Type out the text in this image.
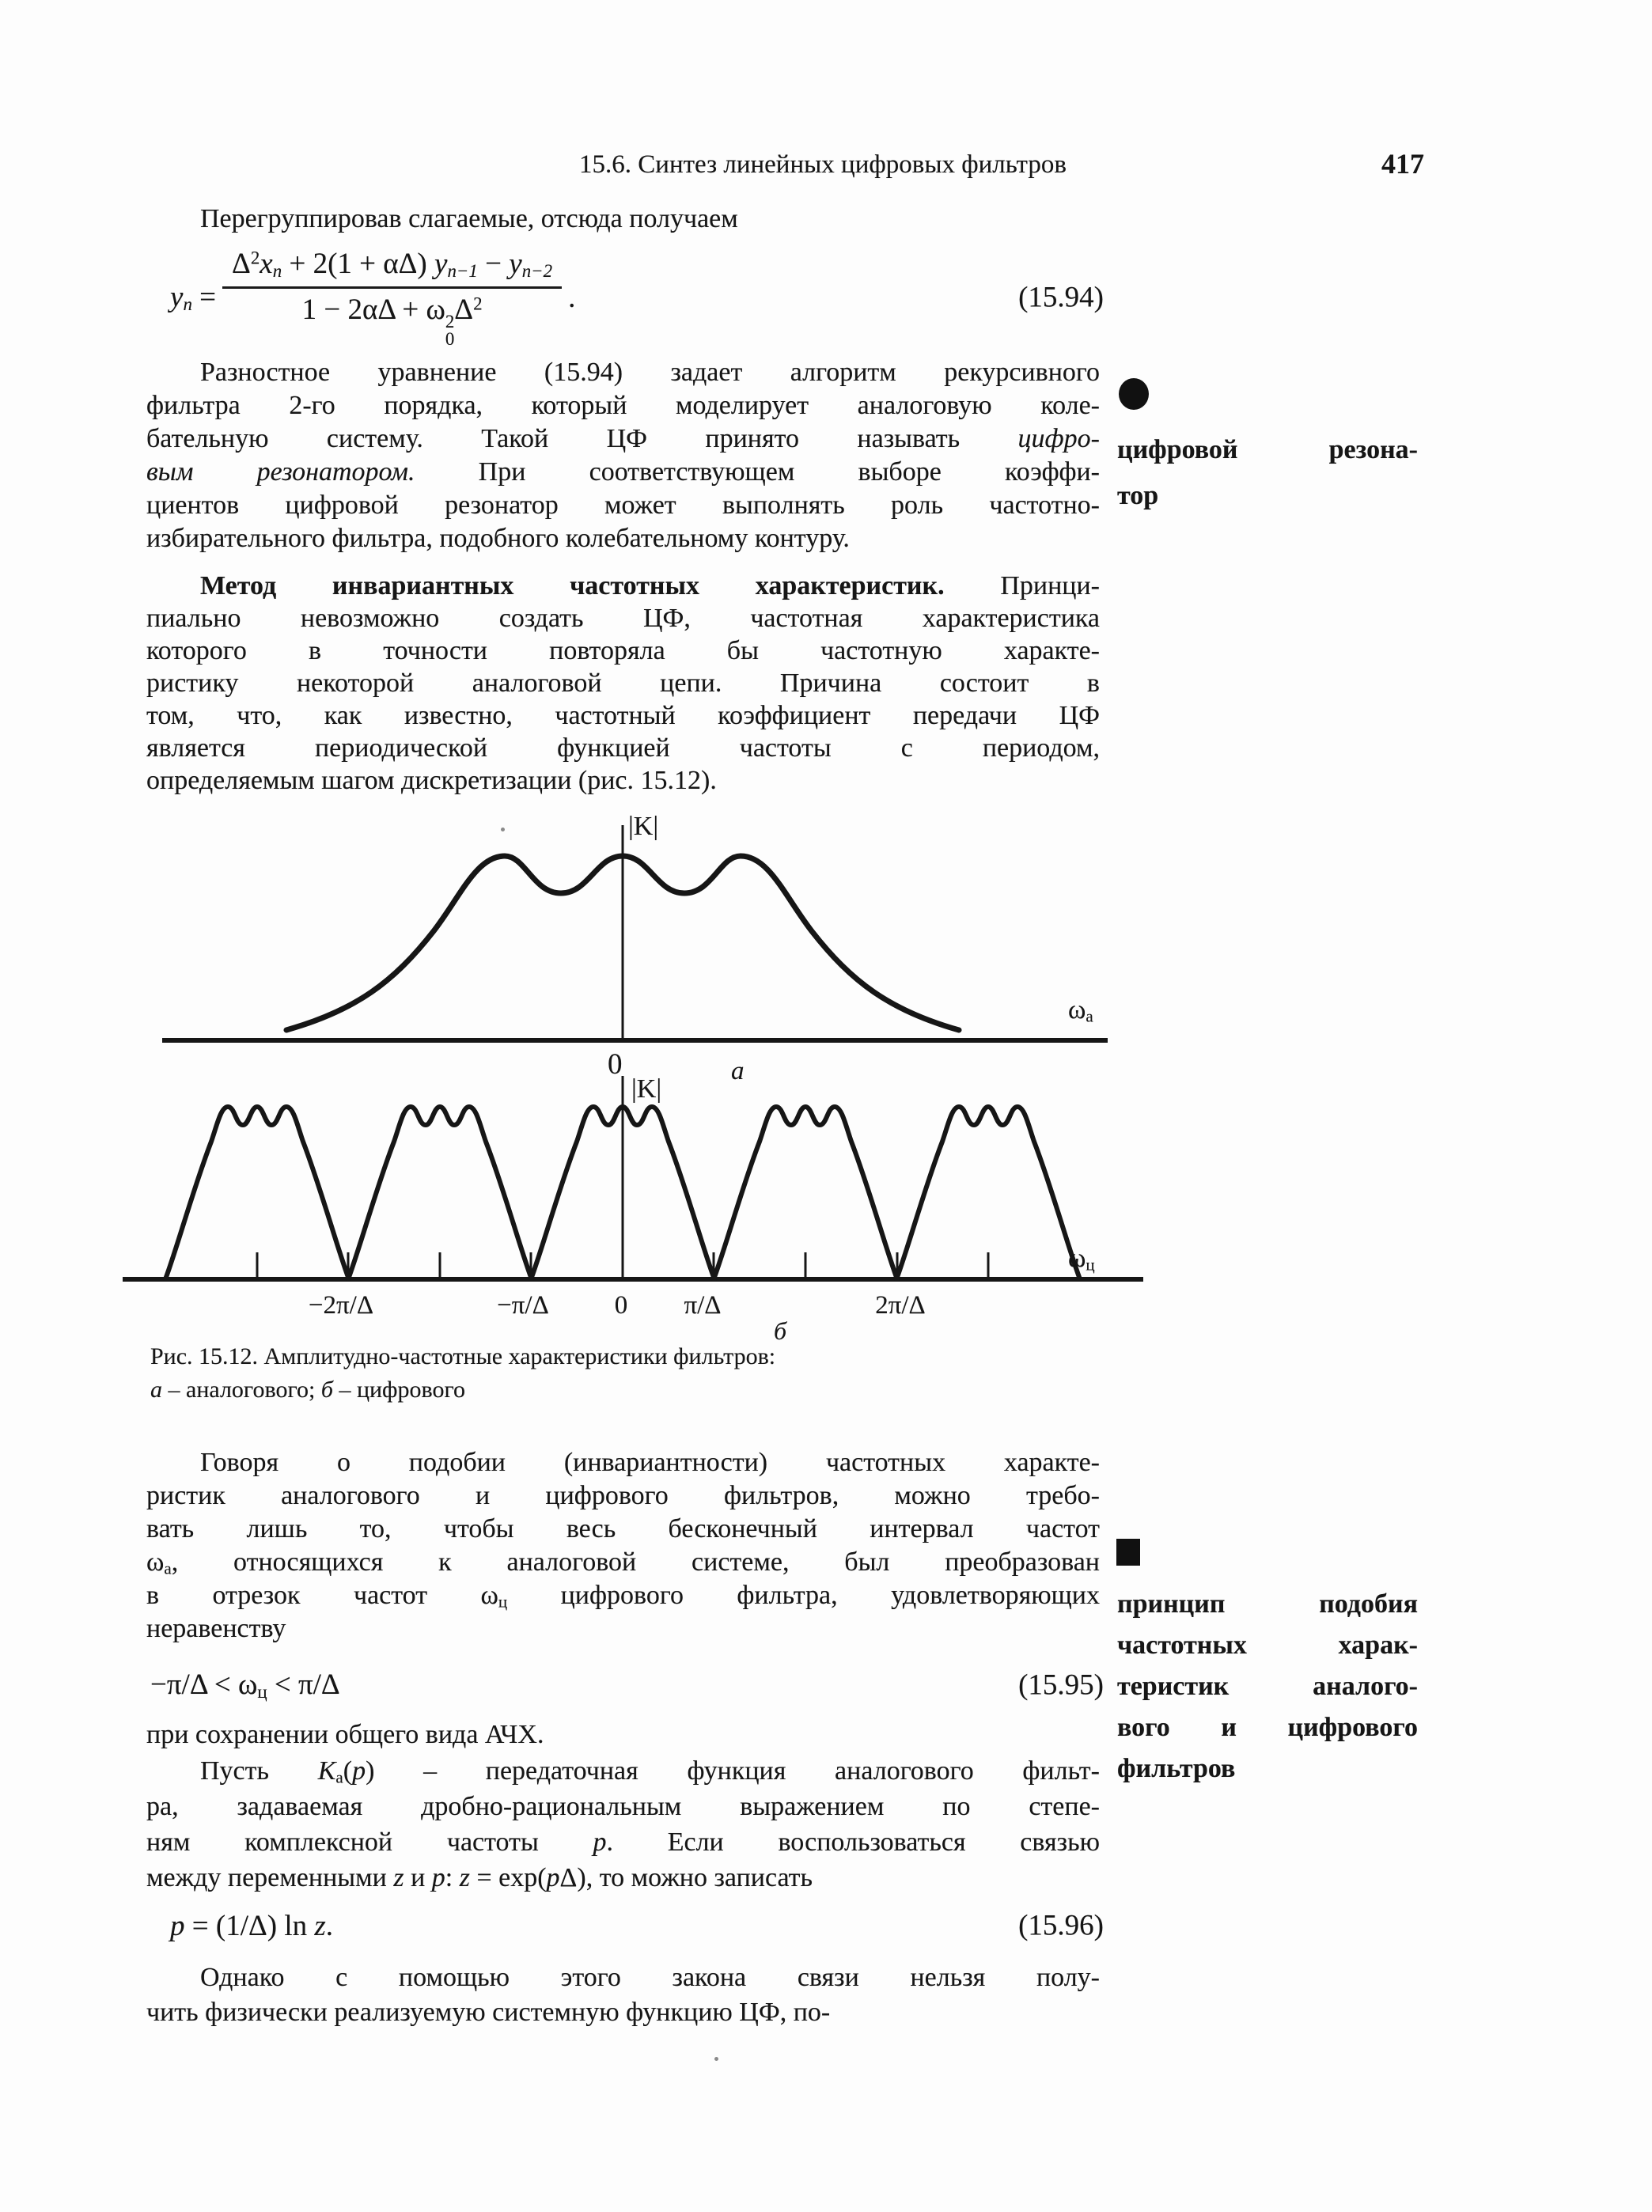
15.6. Синтез линейных цифровых фильтров	417
Перегруппировав слагаемые, отсюда получаем
yn = $\Delta^2xn + 2(1 + \alpha\Delta) yn-1 - yn-2$
1 − 2αΔ + ω 2
0
$\Delta^2$ .	(15.94)
Разностное уравнение (15.94) задает алгоритм рекурсивного
фильтра 2-го порядка, который моделирует аналоговую коле-
бательную систему. Такой ЦФ принято называть цифро-
вым резонатором. При соответствующем выборе коэффи-
циентов цифровой резонатор может выполнять роль частотно-
избирательного фильтра, подобного колебательному контуру.
Метод инвариантных частотных характеристик. Принци-
пиально невозможно создать ЦФ, частотная характеристика
которого в точности повторяла бы частотную характе-
ристику некоторой аналоговой цепи. Причина состоит в
том, что, как известно, частотный коэффициент передачи ЦФ
является периодической функцией частоты с периодом,
определяемым шагом дискретизации (рис. 15.12).
|K|
ωа
0	а
|K|
ωц
−2π/Δ	−π/Δ	0 π/Δ	2π/Δ
б
Рис. 15.12. Амплитудно-частотные характеристики фильтров:
а – аналогового; б – цифрового
Говоря о подобии (инвариантности) частотных характе-
ристик аналогового и цифрового фильтров, можно требо-
вать лишь то, чтобы весь бесконечный интервал частот
ωа, относящихся к аналоговой системе, был преобразован
в отрезок частот ωц цифрового фильтра, удовлетворяющих
неравенству
−π/Δ < ωц < π/Δ	(15.95)
при сохранении общего вида АЧХ.
Пусть Kа(p) – передаточная функция аналогового фильт-
ра, задаваемая дробно-рациональным выражением по степе-
ням комплексной частоты p. Если воспользоваться связью
между переменными z и p: z = exp(pΔ), то можно записать
p = (1/Δ) ln z.	(15.96)
Однако с помощью этого закона связи нельзя полу-
чить физически реализуемую системную функцию ЦФ, по-
цифровой резона-
тор
принцип подобия
частотных харак-
теристик аналого-
вого и цифрового
фильтров
